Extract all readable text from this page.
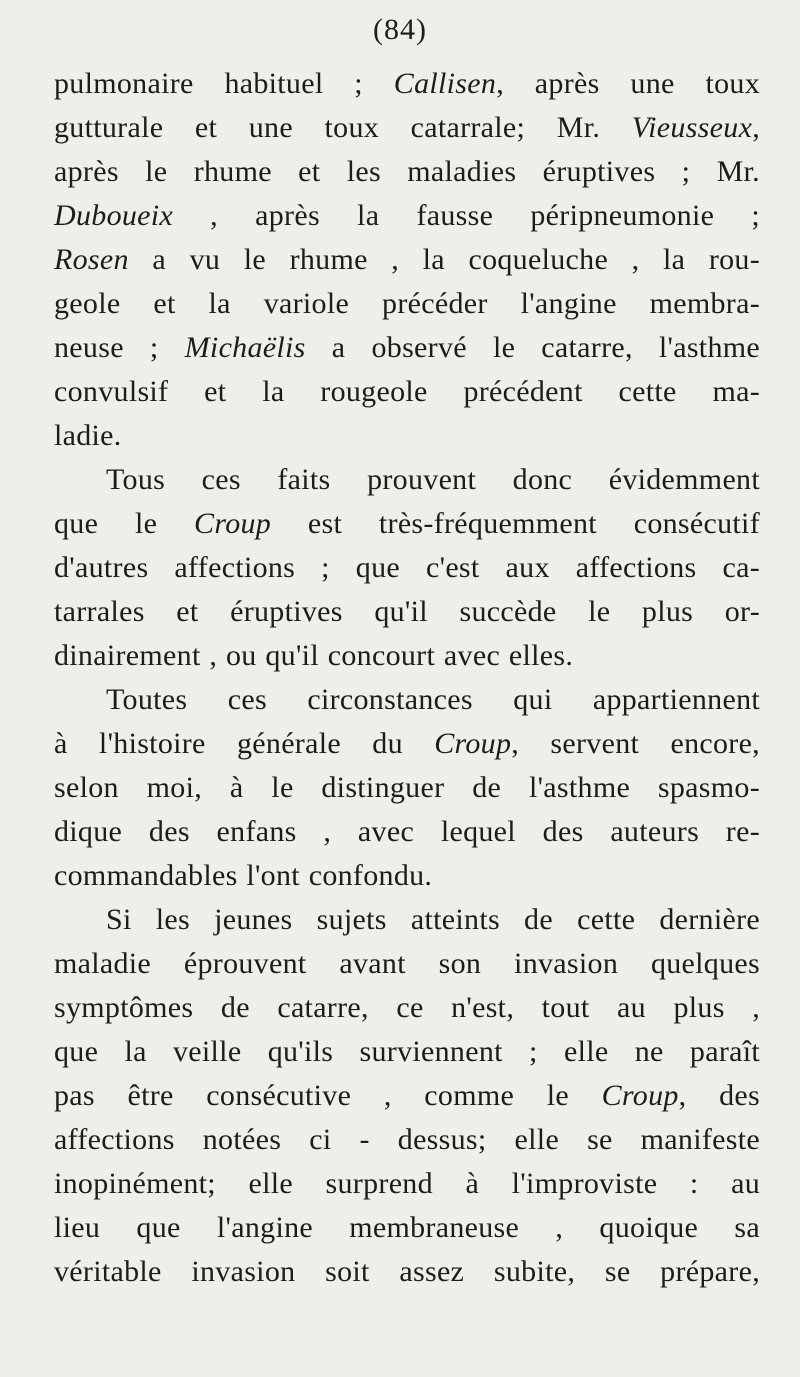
(84)
pulmonaire habituel ; Callisen, après une toux
gutturale et une toux catarrale; Mr. Vieusseux,
après le rhume et les maladies éruptives ; Mr.
Duboueix , après la fausse péripneumonie ;
Rosen a vu le rhume , la coqueluche , la rou-
geole et la variole précéder l'angine membra-
neuse ; Michaëlis a observé le catarre, l'asthme
convulsif et la rougeole précédent cette ma-
ladie.
Tous ces faits prouvent donc évidemment
que le Croup est très-fréquemment consécutif
d'autres affections ; que c'est aux affections ca-
tarrales et éruptives qu'il succède le plus or-
dinairement , ou qu'il concourt avec elles.
Toutes ces circonstances qui appartiennent
à l'histoire générale du Croup, servent encore,
selon moi, à le distinguer de l'asthme spasmo-
dique des enfans , avec lequel des auteurs re-
commandables l'ont confondu.
Si les jeunes sujets atteints de cette dernière
maladie éprouvent avant son invasion quelques
symptômes de catarre, ce n'est, tout au plus ,
que la veille qu'ils surviennent ; elle ne paraît
pas être consécutive , comme le Croup, des
affections notées ci - dessus; elle se manifeste
inopinément; elle surprend à l'improviste : au
lieu que l'angine membraneuse , quoique sa
véritable invasion soit assez subite, se prépare,
